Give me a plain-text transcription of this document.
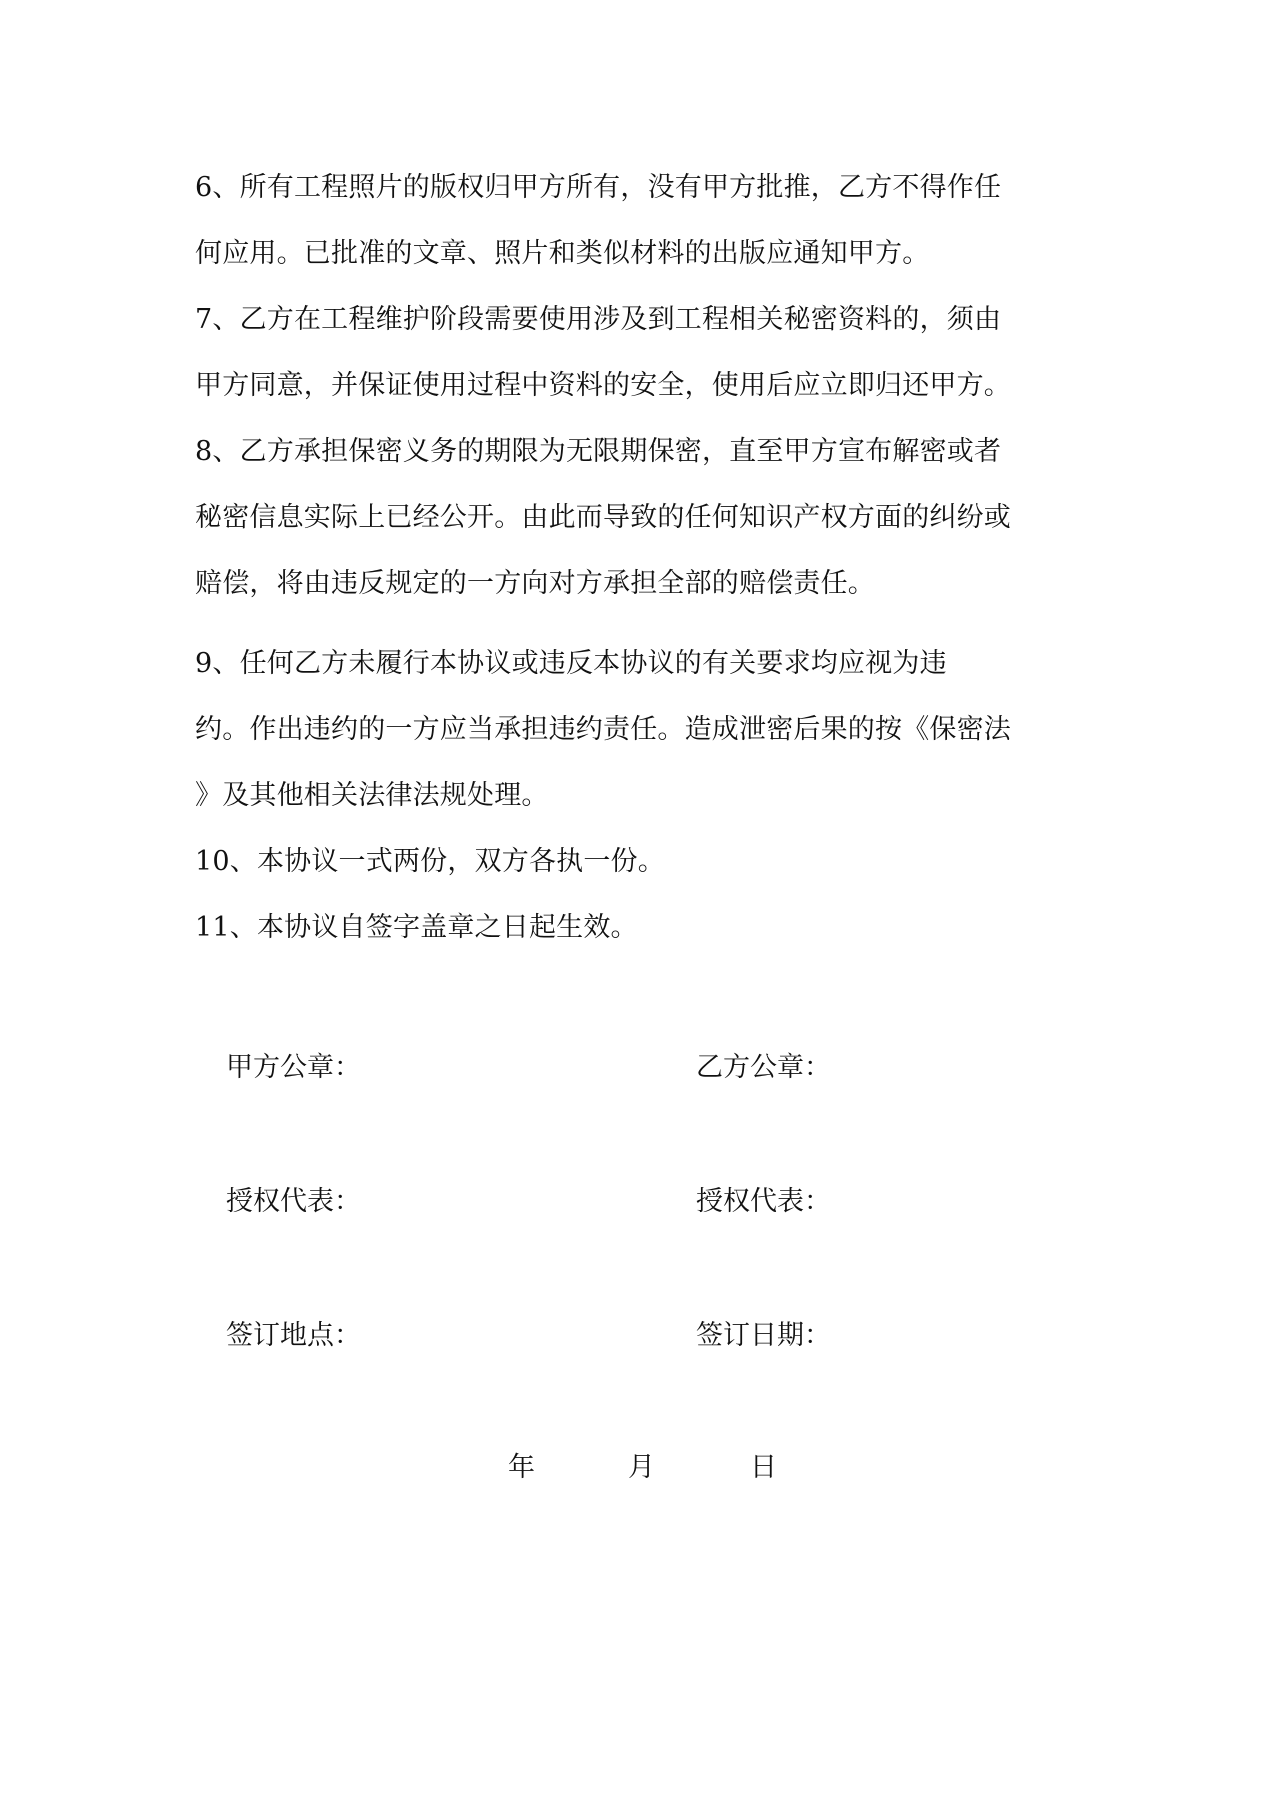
6、所有工程照片的版权归甲方所有，没有甲方批推，乙方不得作任
何应用。已批准的文章、照片和类似材料的出版应通知甲方。
7、乙方在工程维护阶段需要使用涉及到工程相关秘密资料的，须由
甲方同意，并保证使用过程中资料的安全，使用后应立即归还甲方。
8、乙方承担保密义务的期限为无限期保密，直至甲方宣布解密或者
秘密信息实际上已经公开。由此而导致的任何知识产权方面的纠纷或
赔偿，将由违反规定的一方向对方承担全部的赔偿责任。
9、任何乙方未履行本协议或违反本协议的有关要求均应视为违
约。作出违约的一方应当承担违约责任。造成泄密后果的按《保密法
》及其他相关法律法规处理。
10、本协议一式两份，双方各执一份。
11、本协议自签字盖章之日起生效。
甲方公章：	乙方公章：
授权代表：	授权代表：
签订地点：	签订日期：
年	月	日
